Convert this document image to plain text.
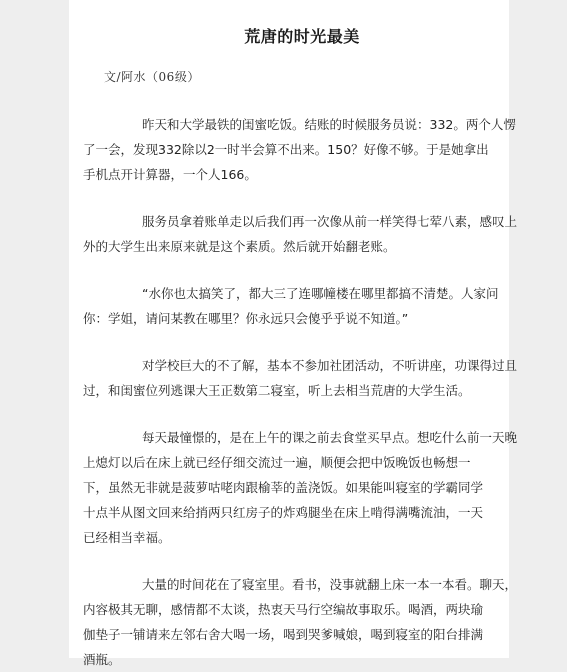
荒唐的时光最美
文/阿水（06级）

昨天和大学最铁的闺蜜吃饭。结账的时候服务员说：332。两个人愣
了一会，发现332除以2一时半会算不出来。150？好像不够。于是她拿出
手机点开计算器，一个人166。

服务员拿着账单走以后我们再一次像从前一样笑得七荤八素，感叹上
外的大学生出来原来就是这个素质。然后就开始翻老账。

“水你也太搞笑了，都大三了连哪幢楼在哪里都搞不清楚。人家问
你：学姐，请问某教在哪里？你永远只会傻乎乎说不知道。”

对学校巨大的不了解，基本不参加社团活动，不听讲座，功课得过且
过，和闺蜜位列逃课大王正数第二寝室，听上去相当荒唐的大学生活。

每天最憧憬的，是在上午的课之前去食堂买早点。想吃什么前一天晚
上熄灯以后在床上就已经仔细交流过一遍，顺便会把中饭晚饭也畅想一
下，虽然无非就是菠萝咕咾肉跟榆莘的盖浇饭。如果能叫寝室的学霸同学
十点半从图文回来给捎两只红房子的炸鸡腿坐在床上啃得满嘴流油，一天
已经相当幸福。

大量的时间花在了寝室里。看书，没事就翻上床一本一本看。聊天，
内容极其无聊，感情都不太谈，热衷天马行空编故事取乐。喝酒，两块瑜
伽垫子一铺请来左邻右舍大喝一场，喝到哭爹喊娘，喝到寝室的阳台排满
酒瓶。
